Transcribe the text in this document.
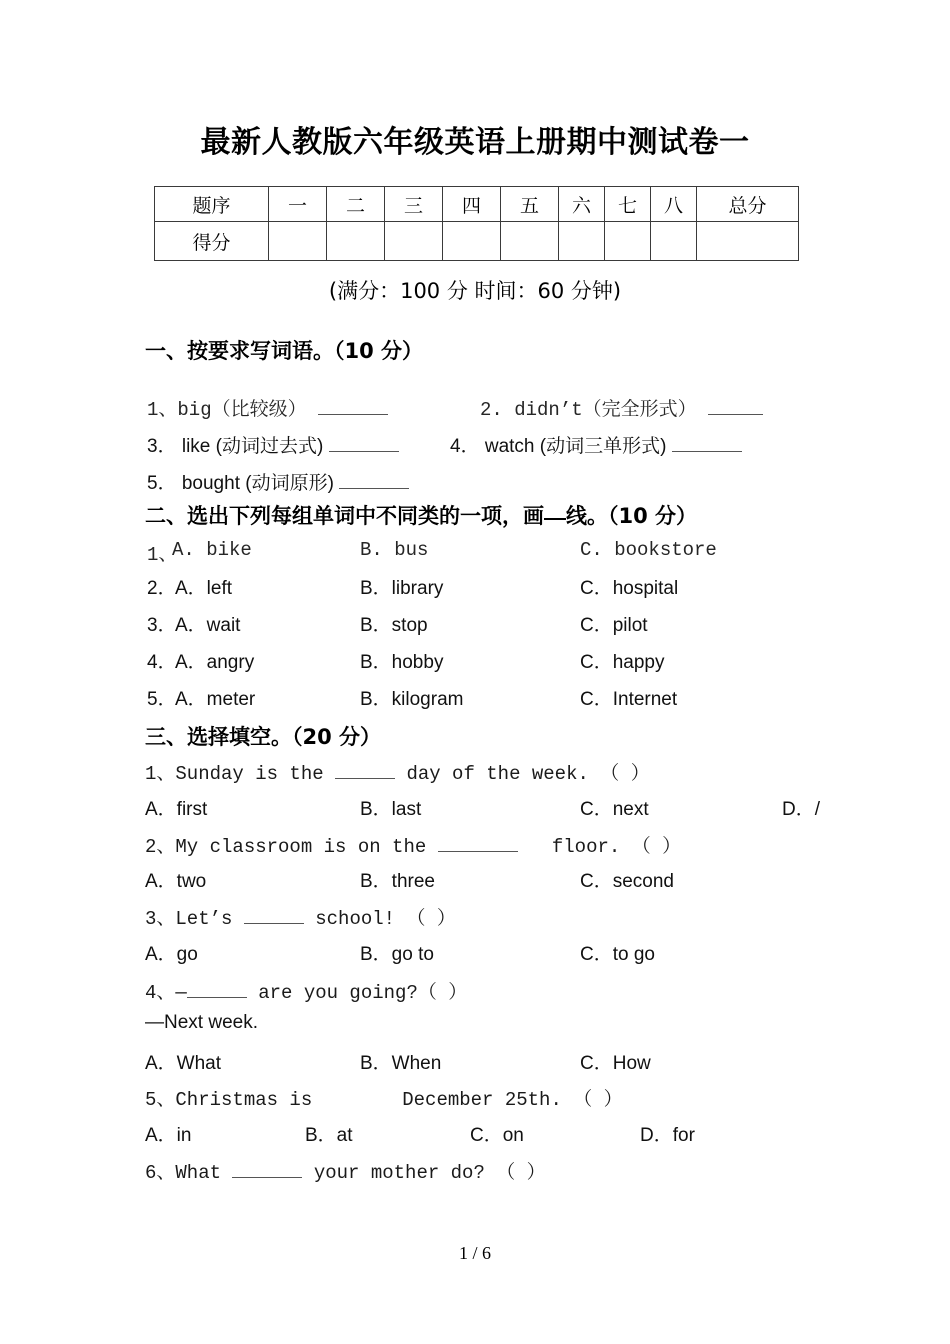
最新人教版六年级英语上册期中测试卷一
题序	一	二	三	四	五	六	七	八	总分
得分									
(满分：100 分 时间：60 分钟)
一、按要求写词语。（10 分）
1、big（比较级）	2. didn’t（完全形式）
3． like (动词过去式)	4． watch (动词三单形式)
5． bought (动词原形)
二、选出下列每组单词中不同类的一项，画 线。（10 分）
1、
A. bike	B. bus	C. bookstore
2．
A．left	B．library	C．hospital
3．
A．wait	B．stop	C．pilot
4．
A．angry	B．hobby	C．happy
5．
A．meter	B．kilogram	C．Internet
三、选择填空。（20 分）
1、Sunday is the	day of the week. （ ）
A．first	B．last	C．next	D．/
2、My classroom is on the	floor. （ ）
A．two	B．three	C．second
3、Let’s	school! （ ）
A．go	B．go to	C．to go
4、—	are you going?（ ）
—Next week.
A．What	B．When	C．How
5、Christmas is	December 25th. （ ）
A．in	B．at	C．on	D．for
6、What	your mother do? （ ）
1 / 6
